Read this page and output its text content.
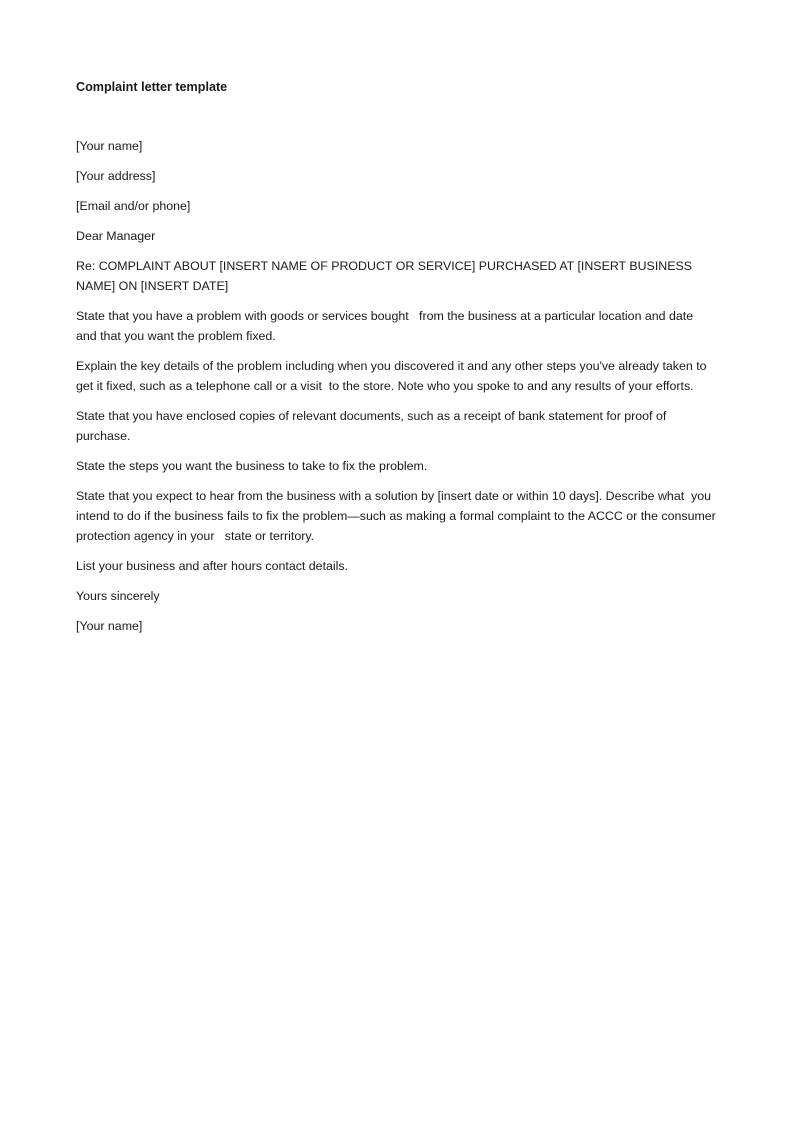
Complaint letter template
[Your name]
[Your address]
[Email and/or phone]
Dear Manager
Re: COMPLAINT ABOUT [INSERT NAME OF PRODUCT OR SERVICE] PURCHASED AT [INSERT BUSINESS NAME] ON [INSERT DATE]
State that you have a problem with goods or services bought   from the business at a particular location and date and that you want the problem fixed.
Explain the key details of the problem including when you discovered it and any other steps you've already taken to get it fixed, such as a telephone call or a visit  to the store. Note who you spoke to and any results of your efforts.
State that you have enclosed copies of relevant documents, such as a receipt of bank statement for proof of purchase.
State the steps you want the business to take to fix the problem.
State that you expect to hear from the business with a solution by [insert date or within 10 days]. Describe what  you intend to do if the business fails to fix the problem—such as making a formal complaint to the ACCC or the consumer protection agency in your   state or territory.
List your business and after hours contact details.
Yours sincerely
[Your name]
